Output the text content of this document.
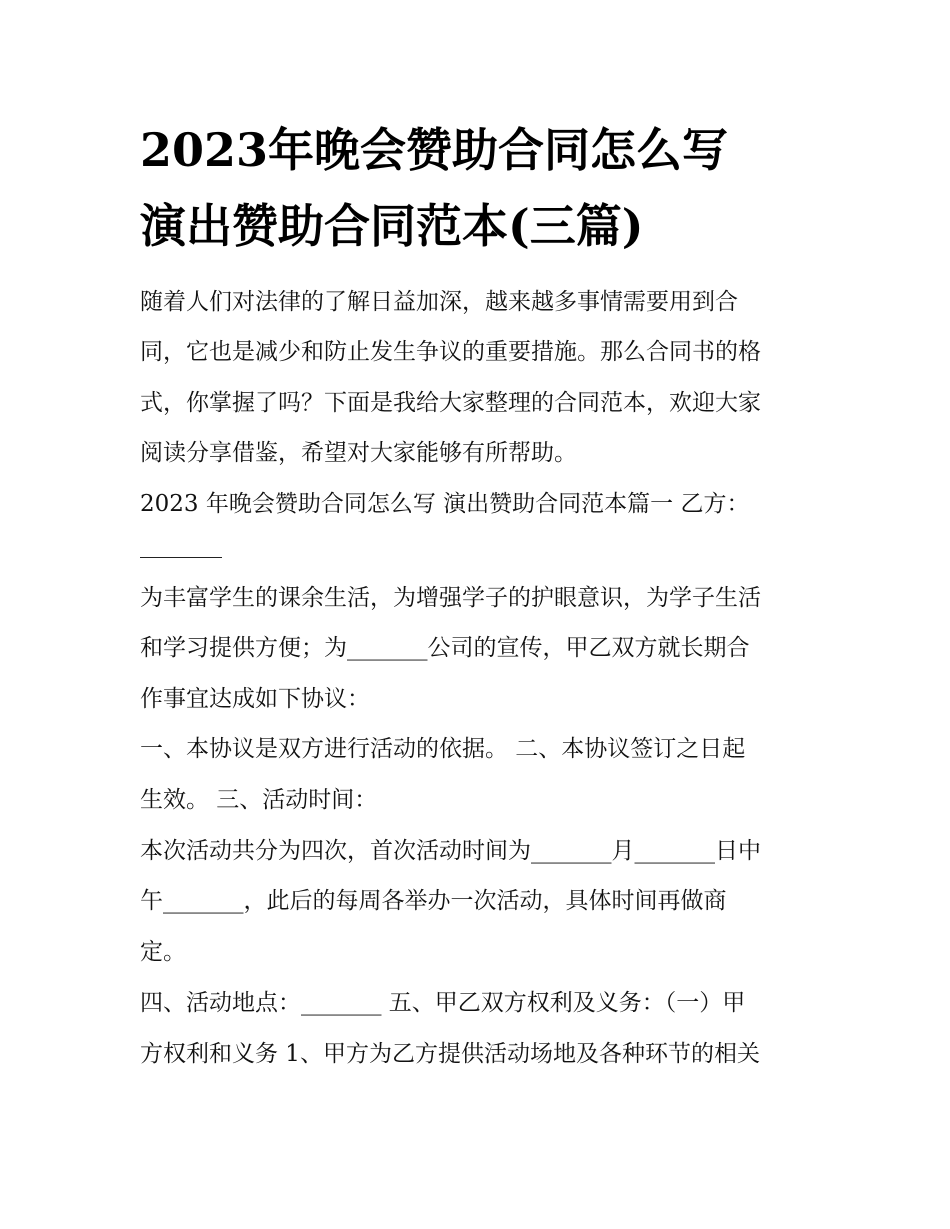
2023年晚会赞助合同怎么写
演出赞助合同范本(三篇)
随着人们对法律的了解日益加深，越来越多事情需要用到合
同，它也是减少和防止发生争议的重要措施。那么合同书的格
式，你掌握了吗？下面是我给大家整理的合同范本，欢迎大家
阅读分享借鉴，希望对大家能够有所帮助。
2023 年晚会赞助合同怎么写 演出赞助合同范本篇一 乙方：
为丰富学生的课余生活，为增强学子的护眼意识，为学子生活
和学习提供方便；为_______公司的宣传，甲乙双方就长期合
作事宜达成如下协议：
一、本协议是双方进行活动的依据。 二、本协议签订之日起
生效。 三、活动时间：
本次活动共分为四次，首次活动时间为_______月_______日中
午_______，此后的每周各举办一次活动，具体时间再做商
定。
四、活动地点：_______ 五、甲乙双方权利及义务：（一）甲
方权利和义务 1、甲方为乙方提供活动场地及各种环节的相关
